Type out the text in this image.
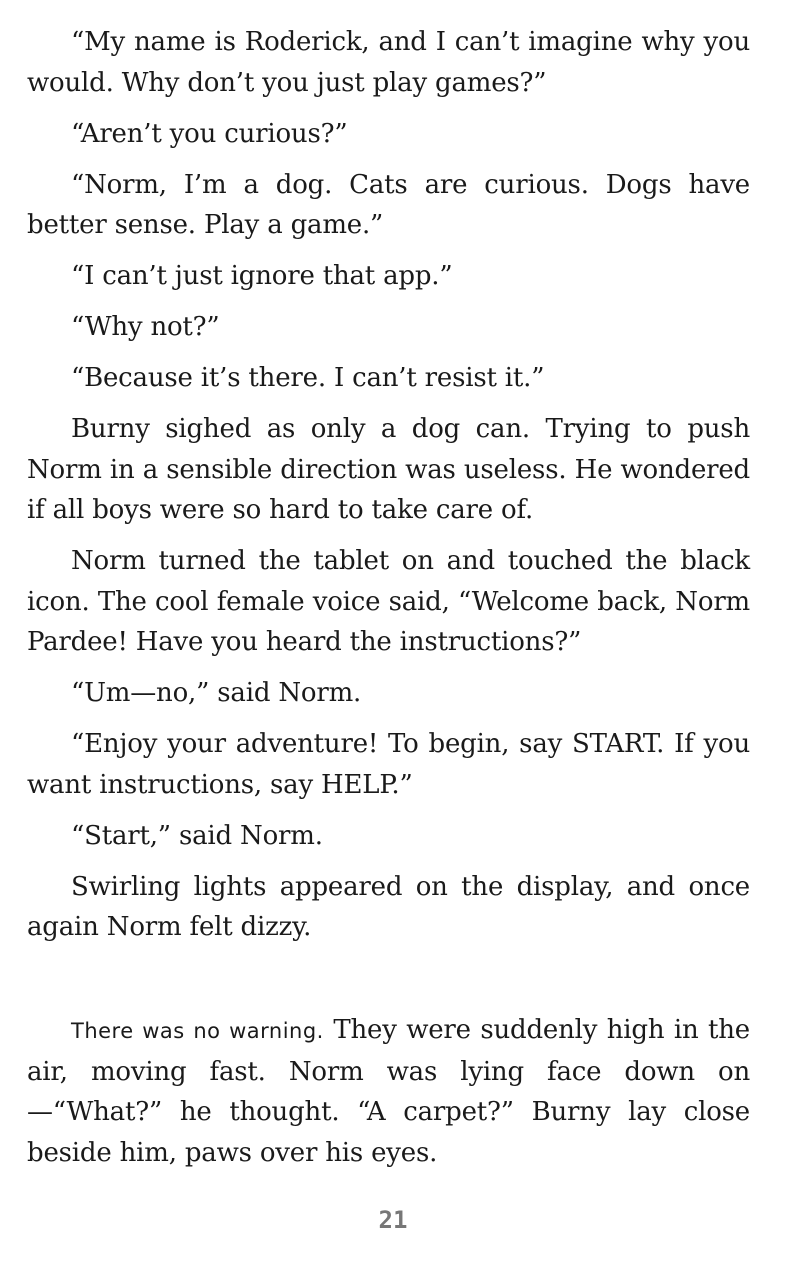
“My name is Roderick, and I can’t imagine why you would. Why don’t you just play games?”

“Aren’t you curious?”

“Norm, I’m a dog. Cats are curious. Dogs have better sense. Play a game.”

“I can’t just ignore that app.”

“Why not?”

“Because it’s there. I can’t resist it.”

Burny sighed as only a dog can. Trying to push Norm in a sensible direction was useless. He wondered if all boys were so hard to take care of.

Norm turned the tablet on and touched the black icon. The cool female voice said, “Welcome back, Norm Pardee! Have you heard the instructions?”

“Um—no,” said Norm.

“Enjoy your adventure! To begin, say START. If you want instructions, say HELP.”

“Start,” said Norm.

Swirling lights appeared on the display, and once again Norm felt dizzy.

There was no warning. They were suddenly high in the air, moving fast. Norm was lying face down on—“What?” he thought. “A carpet?” Burny lay close beside him, paws over his eyes.

21
